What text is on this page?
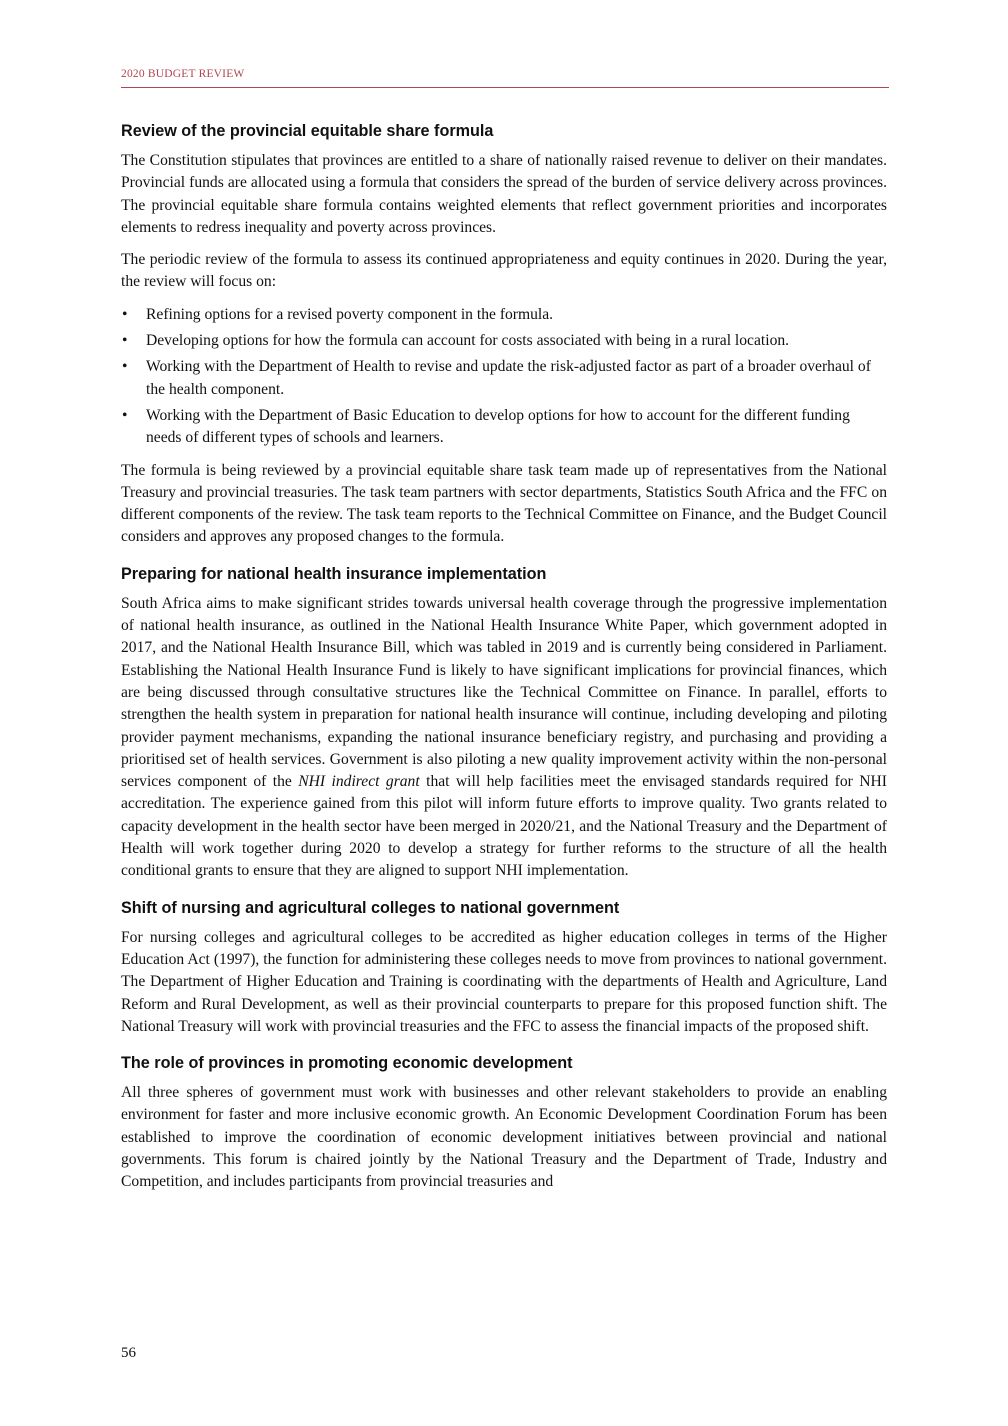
2020 BUDGET REVIEW
Review of the provincial equitable share formula

The Constitution stipulates that provinces are entitled to a share of nationally raised revenue to deliver on their mandates. Provincial funds are allocated using a formula that considers the spread of the burden of service delivery across provinces. The provincial equitable share formula contains weighted elements that reflect government priorities and incorporates elements to redress inequality and poverty across provinces.

The periodic review of the formula to assess its continued appropriateness and equity continues in 2020. During the year, the review will focus on:

• Refining options for a revised poverty component in the formula.
• Developing options for how the formula can account for costs associated with being in a rural location.
• Working with the Department of Health to revise and update the risk-adjusted factor as part of a broader overhaul of the health component.
• Working with the Department of Basic Education to develop options for how to account for the different funding needs of different types of schools and learners.

The formula is being reviewed by a provincial equitable share task team made up of representatives from the National Treasury and provincial treasuries. The task team partners with sector departments, Statistics South Africa and the FFC on different components of the review. The task team reports to the Technical Committee on Finance, and the Budget Council considers and approves any proposed changes to the formula.

Preparing for national health insurance implementation

South Africa aims to make significant strides towards universal health coverage through the progressive implementation of national health insurance, as outlined in the National Health Insurance White Paper, which government adopted in 2017, and the National Health Insurance Bill, which was tabled in 2019 and is currently being considered in Parliament. Establishing the National Health Insurance Fund is likely to have significant implications for provincial finances, which are being discussed through consultative structures like the Technical Committee on Finance. In parallel, efforts to strengthen the health system in preparation for national health insurance will continue, including developing and piloting provider payment mechanisms, expanding the national insurance beneficiary registry, and purchasing and providing a prioritised set of health services. Government is also piloting a new quality improvement activity within the non-personal services component of the NHI indirect grant that will help facilities meet the envisaged standards required for NHI accreditation. The experience gained from this pilot will inform future efforts to improve quality. Two grants related to capacity development in the health sector have been merged in 2020/21, and the National Treasury and the Department of Health will work together during 2020 to develop a strategy for further reforms to the structure of all the health conditional grants to ensure that they are aligned to support NHI implementation.

Shift of nursing and agricultural colleges to national government

For nursing colleges and agricultural colleges to be accredited as higher education colleges in terms of the Higher Education Act (1997), the function for administering these colleges needs to move from provinces to national government. The Department of Higher Education and Training is coordinating with the departments of Health and Agriculture, Land Reform and Rural Development, as well as their provincial counterparts to prepare for this proposed function shift. The National Treasury will work with provincial treasuries and the FFC to assess the financial impacts of the proposed shift.

The role of provinces in promoting economic development

All three spheres of government must work with businesses and other relevant stakeholders to provide an enabling environment for faster and more inclusive economic growth. An Economic Development Coordination Forum has been established to improve the coordination of economic development initiatives between provincial and national governments. This forum is chaired jointly by the National Treasury and the Department of Trade, Industry and Competition, and includes participants from provincial treasuries and

56
